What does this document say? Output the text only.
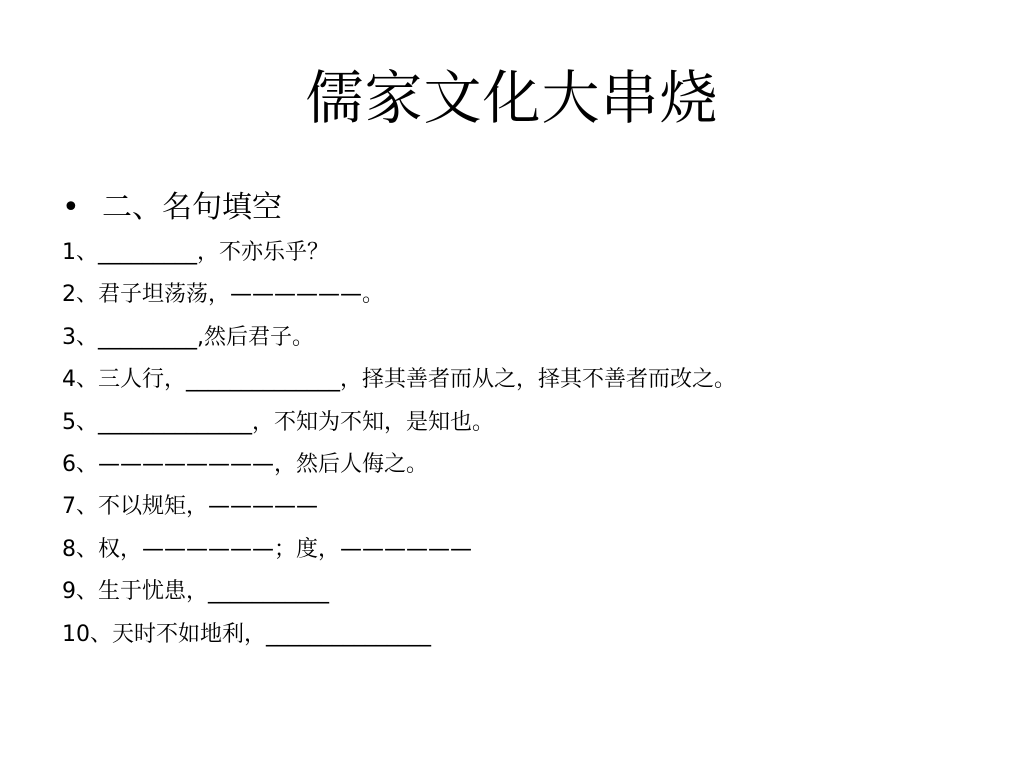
儒家文化大串烧
• 二、名句填空
1、_________，不亦乐乎？
2、君子坦荡荡，——————。
3、_________,然后君子。
4、三人行，______________，择其善者而从之，择其不善者而改之。
5、______________，不知为不知，是知也。
6、————————，然后人侮之。
7、不以规矩，—————
8、权，——————；度，——————
9、生于忧患，___________
10、天时不如地利，_______________
